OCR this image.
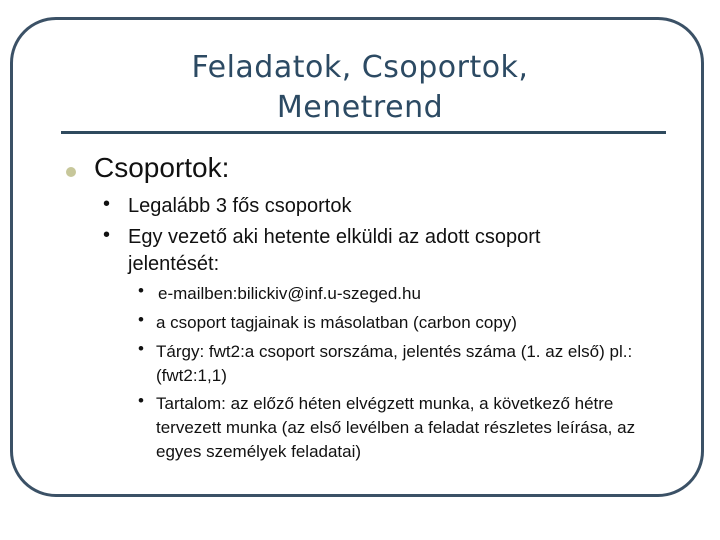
Feladatok, Csoportok,
Menetrend
Csoportok:
• Legalább 3 fős csoportok
• Egy vezető aki hetente elküldi az adott csoport jelentését:
• e-mailben:bilickiv@inf.u-szeged.hu
• a csoport tagjainak is másolatban (carbon copy)
• Tárgy: fwt2:a csoport sorszáma, jelentés száma (1. az első) pl.: (fwt2:1,1)
• Tartalom: az előző héten elvégzett munka, a következő hétre tervezett munka (az első levélben a feladat részletes leírása, az egyes személyek feladatai)
